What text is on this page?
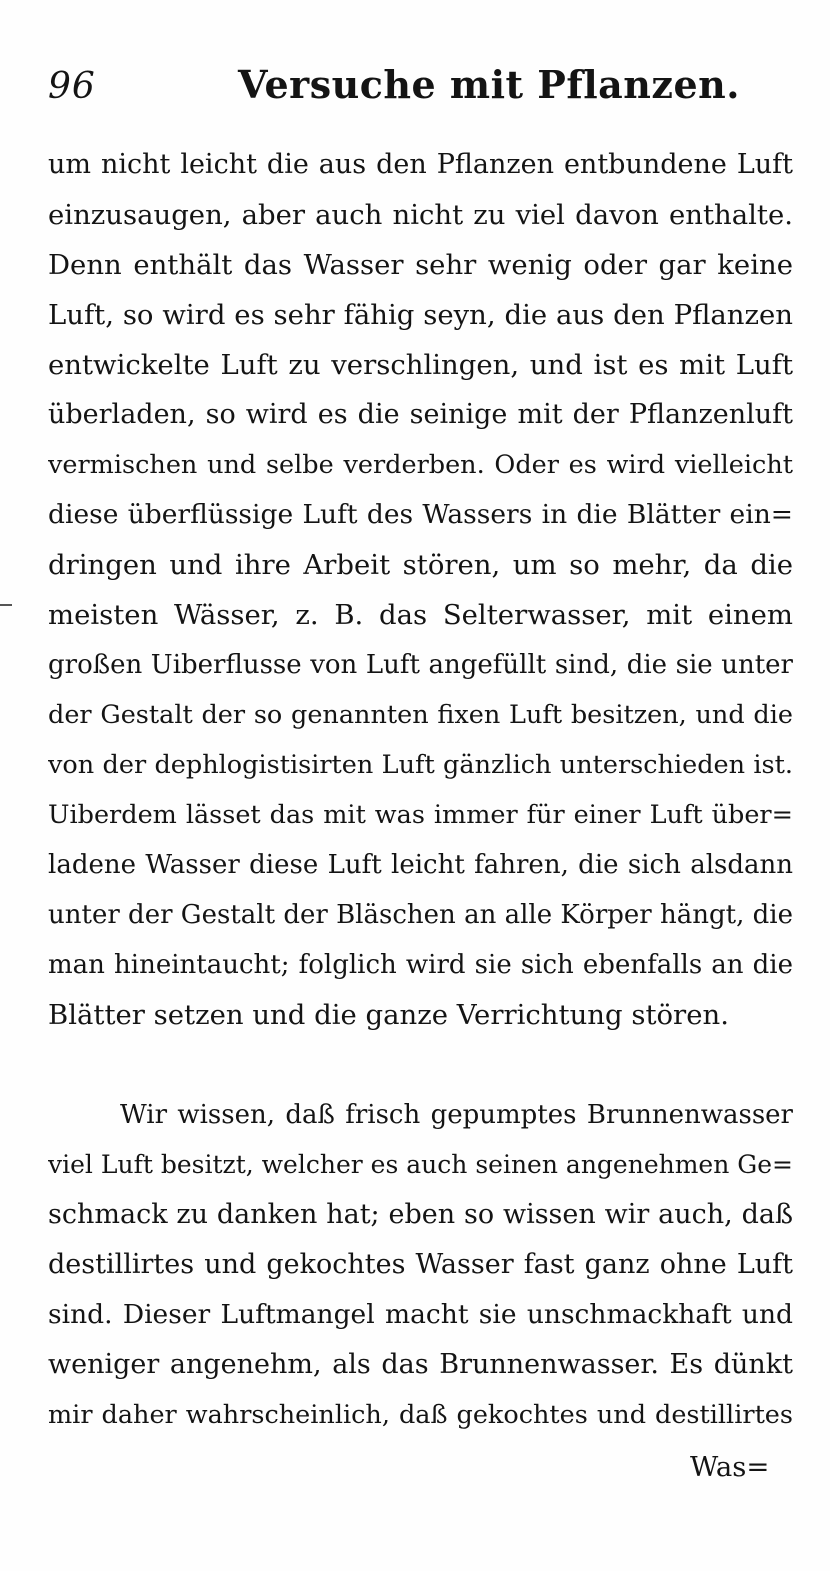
96	Versuche mit Pflanzen.
um nicht leicht die aus den Pflanzen entbundene Luft
einzusaugen, aber auch nicht zu viel davon enthalte.
Denn enthält das Wasser sehr wenig oder gar keine
Luft, so wird es sehr fähig seyn, die aus den Pflanzen
entwickelte Luft zu verschlingen, und ist es mit Luft
überladen, so wird es die seinige mit der Pflanzenluft
vermischen und selbe verderben. Oder es wird vielleicht
diese überflüssige Luft des Wassers in die Blätter ein=
dringen und ihre Arbeit stören, um so mehr, da die
meisten Wässer, z. B. das Selterwasser, mit einem
großen Uiberflusse von Luft angefüllt sind, die sie unter
der Gestalt der so genannten fixen Luft besitzen, und die
von der dephlogistisirten Luft gänzlich unterschieden ist.
Uiberdem lässet das mit was immer für einer Luft über=
ladene Wasser diese Luft leicht fahren, die sich alsdann
unter der Gestalt der Bläschen an alle Körper hängt, die
man hineintaucht; folglich wird sie sich ebenfalls an die
Blätter setzen und die ganze Verrichtung stören.
Wir wissen, daß frisch gepumptes Brunnenwasser
viel Luft besitzt, welcher es auch seinen angenehmen Ge=
schmack zu danken hat; eben so wissen wir auch, daß
destillirtes und gekochtes Wasser fast ganz ohne Luft
sind. Dieser Luftmangel macht sie unschmackhaft und
weniger angenehm, als das Brunnenwasser. Es dünkt
mir daher wahrscheinlich, daß gekochtes und destillirtes
Was=
